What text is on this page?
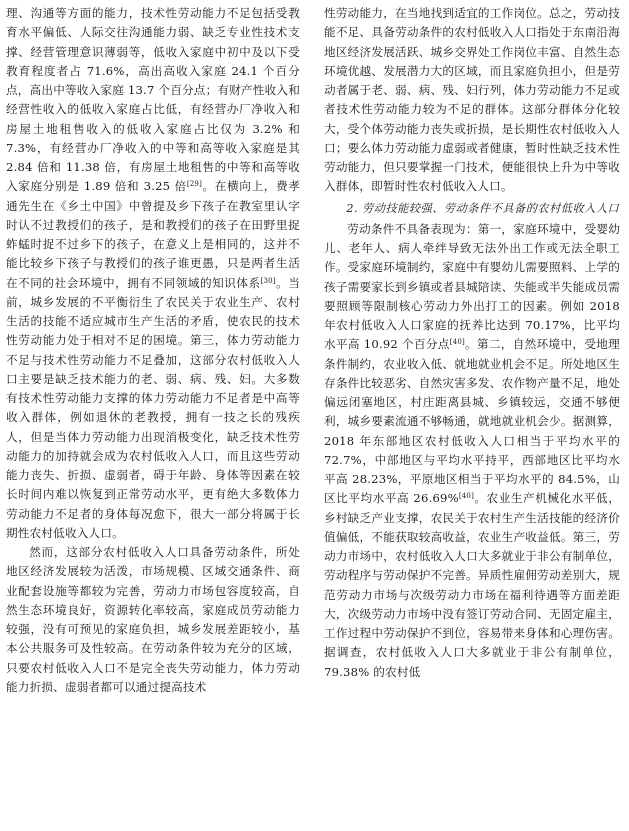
理、沟通等方面的能力，技术性劳动能力不足包括受教育水平偏低、人际交往沟通能力弱、缺乏专业性技术支撑、经营管理意识薄弱等，低收入家庭中初中及以下受教育程度者占 71.6%，高出高收入家庭 24.1 个百分点，高出中等收入家庭 13.7 个百分点；有财产性收入和经营性收入的低收入家庭占比低，有经营办厂净收入和房屋土地租售收入的低收入家庭占比仅为 3.2% 和 7.3%，有经营办厂净收入的中等和高等收入家庭是其 2.84 倍和 11.38 倍，有房屋土地租售的中等和高等收入家庭分别是 1.89 倍和 3.25 倍[29]。在横向上，费孝通先生在《乡土中国》中曾提及乡下孩子在教室里认字时认不过教授们的孩子，是和教授们的孩子在田野里捉蚱蜢时捉不过乡下的孩子，在意义上是相同的，这并不能比较乡下孩子与教授们的孩子谁更愚，只是两者生活在不同的社会环境中，拥有不同领域的知识体系[30]。当前，城乡发展的不平衡衍生了农民关于农业生产、农村生活的技能不适应城市生产生活的矛盾，使农民的技术性劳动能力处于相对不足的困境。第三，体力劳动能力不足与技术性劳动能力不足叠加，这部分农村低收入人口主要是缺乏技术能力的老、弱、病、残、妇。大多数有技术性劳动能力支撑的体力劳动能力不足者是中高等收入群体，例如退休的老教授，拥有一技之长的残疾人，但是当体力劳动能力出现消极变化，缺乏技术性劳动能力的加持就会成为农村低收入人口，而且这些劳动能力丧失、折损、虚弱者，碍于年龄、身体等因素在较长时间内难以恢复到正常劳动水平，更有绝大多数体力劳动能力不足者的身体每况愈下，很大一部分将属于长期性农村低收入人口。

然而，这部分农村低收入人口具备劳动条件，所处地区经济发展较为活泼，市场规模、区域交通条件、商业配套设施等都较为完善，劳动力市场包容度较高，自然生态环境良好，资源转化率较高，家庭成员劳动能力较强，没有可预见的家庭负担，城乡发展差距较小，基本公共服务可及性较高。在劳动条件较为充分的区域，只要农村低收入人口不是完全丧失劳动能力，体力劳动能力折损、虚弱者都可以通过提高技术

性劳动能力，在当地找到适宜的工作岗位。总之，劳动技能不足、具备劳动条件的农村低收入人口指处于东南沿海地区经济发展活跃、城乡交界处工作岗位丰富、自然生态环境优越、发展潜力大的区域，而且家庭负担小，但是劳动者属于老、弱、病、残、妇行列，体力劳动能力不足或者技术性劳动能力较为不足的群体。这部分群体分化较大，受个体劳动能力丧失或折损，是长期性农村低收入人口；要么体力劳动能力虚弱或者健康，暂时性缺乏技术性劳动能力，但只要掌握一门技术，便能很快上升为中等收入群体，即暂时性农村低收入人口。

2. 劳动技能较强、劳动条件不具备的农村低收入人口

劳动条件不具备表现为：第一，家庭环境中，受婴幼儿、老年人、病人牵绊导致无法外出工作或无法全职工作。受家庭环境制约，家庭中有婴幼儿需要照料、上学的孩子需要家长到乡镇或者县城陪读、失能或半失能成员需要照顾等限制核心劳动力外出打工的因素。例如 2018 年农村低收入人口家庭的抚养比达到 70.17%，比平均水平高 10.92 个百分点[40]。第二，自然环境中，受地理条件制约，农业收入低、就地就业机会不足。所处地区生存条件比较恶劣、自然灾害多发、农作物产量不足，地处偏远闭塞地区，村庄距离县城、乡镇较远，交通不够便利，城乡要素流通不够畅通，就地就业机会少。据测算，2018 年东部地区农村低收入人口相当于平均水平的 72.7%，中部地区与平均水平持平，西部地区比平均水平高 28.23%，平原地区相当于平均水平的 84.5%，山区比平均水平高 26.69%[40]。农业生产机械化水平低，乡村缺乏产业支撑，农民关于农村生产生活技能的经济价值偏低，不能获取较高收益，农业生产收益低。第三，劳动力市场中，农村低收入人口大多就业于非公有制单位，劳动程序与劳动保护不完善。异质性雇佣劳动差别大，规范劳动力市场与次级劳动力市场在福利待遇等方面差距大，次级劳动力市场中没有签订劳动合同、无固定雇主，工作过程中劳动保护不到位，容易带来身体和心理伤害。据调查，农村低收入人口大多就业于非公有制单位，79.38% 的农村低
